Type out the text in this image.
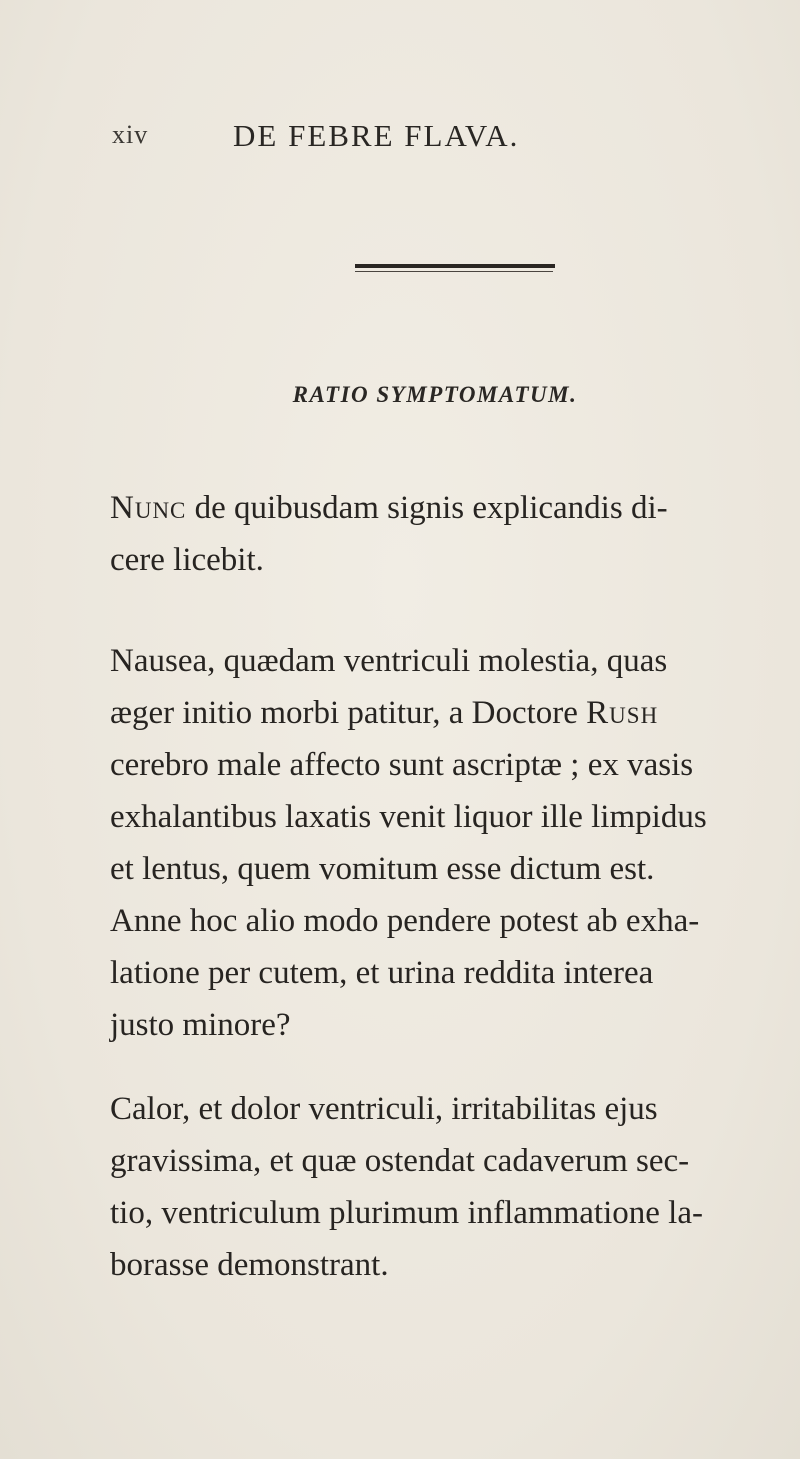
xiv	DE FEBRE FLAVA.
RATIO SYMPTOMATUM.
Nunc de quibusdam signis explicandis di-
cere licebit.
Nausea, quædam ventriculi molestia, quas
æger initio morbi patitur, a Doctore Rush
cerebro male affecto sunt ascriptæ ; ex vasis
exhalantibus laxatis venit liquor ille limpidus
et lentus, quem vomitum esse dictum est.
Anne hoc alio modo pendere potest ab exha-
latione per cutem, et urina reddita interea
justo minore?
Calor, et dolor ventriculi, irritabilitas ejus
gravissima, et quæ ostendat cadaverum sec-
tio, ventriculum plurimum inflammatione la-
borasse demonstrant.
